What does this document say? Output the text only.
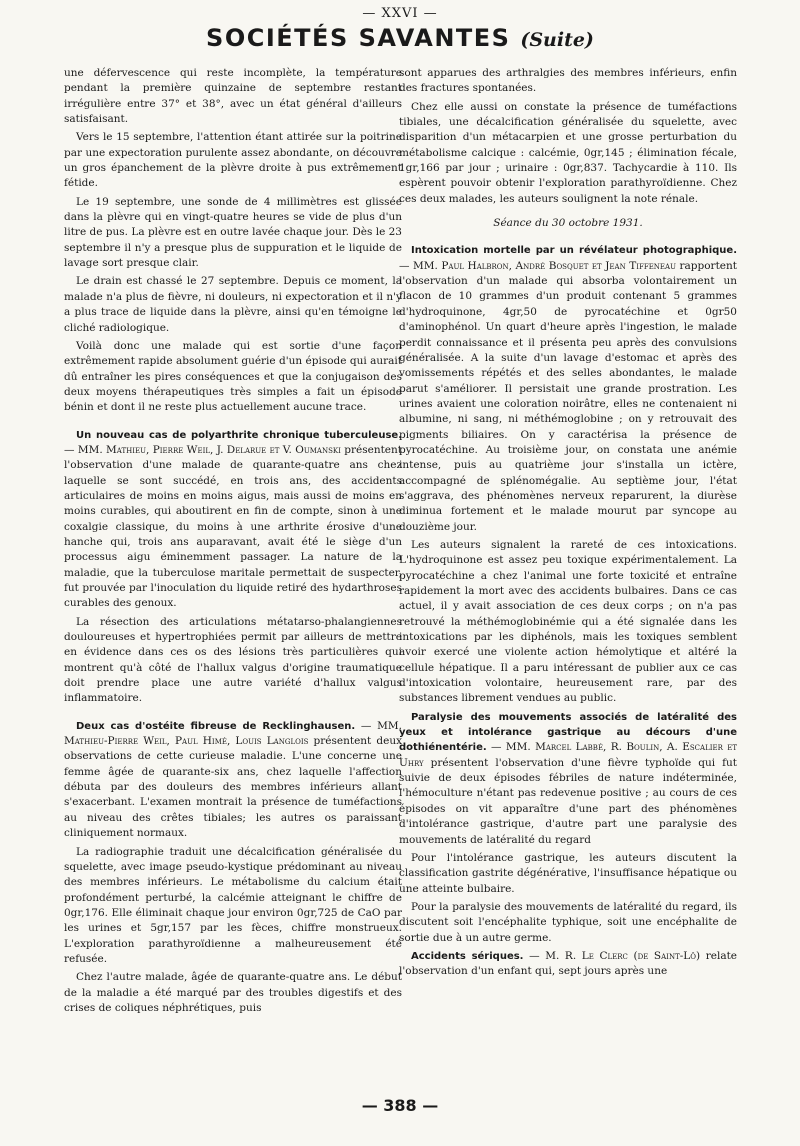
— XXVI —
SOCIÉTÉS SAVANTES (Suite)

une défervescence qui reste incomplète, la température pendant la première quinzaine de septembre restant irrégulière entre 37° et 38°, avec un état général d'ailleurs satisfaisant.

Vers le 15 septembre, l'attention étant attirée sur la poitrine par une expectoration purulente assez abondante, on découvre un gros épanchement de la plèvre droite à pus extrêmement fétide.

Le 19 septembre, une sonde de 4 millimètres est glissée dans la plèvre qui en vingt-quatre heures se vide de plus d'un litre de pus. La plèvre est en outre lavée chaque jour. Dès le 23 septembre il n'y a presque plus de suppuration et le liquide de lavage sort presque clair.

Le drain est chassé le 27 septembre. Depuis ce moment, la malade n'a plus de fièvre, ni douleurs, ni expectoration et il n'y a plus trace de liquide dans la plèvre, ainsi qu'en témoigne le cliché radiologique.

Voilà donc une malade qui est sortie d'une façon extrêmement rapide absolument guérie d'un épisode qui aurait dû entraîner les pires conséquences et que la conjugaison des deux moyens thérapeutiques très simples a fait un épisode bénin et dont il ne reste plus actuellement aucune trace.

Un nouveau cas de polyarthrite chronique tuberculeuse. — MM. Mathieu, Pierre Weil, J. Delarue et V. Oumanski présentent l'observation d'une malade de quarante-quatre ans chez laquelle se sont succédé, en trois ans, des accidents articulaires de moins en moins aigus, mais aussi de moins en moins curables, qui aboutirent en fin de compte, sinon à une coxalgie classique, du moins à une arthrite érosive d'une hanche qui, trois ans auparavant, avait été le siège d'un processus aigu éminemment passager. La nature de la maladie, que la tuberculose maritale permettait de suspecter, fut prouvée par l'inoculation du liquide retiré des hydarthroses curables des genoux.

La résection des articulations métatarso-phalangiennes douloureuses et hypertrophiées permit par ailleurs de mettre en évidence dans ces os des lésions très particulières qui montrent qu'à côté de l'hallux valgus d'origine traumatique doit prendre place une autre variété d'hallux valgus inflammatoire.

Deux cas d'ostéite fibreuse de Recklinghausen. — MM. Mathieu-Pierre Weil, Paul Himé, Louis Langlois présentent deux observations de cette curieuse maladie. L'une concerne une femme âgée de quarante-six ans, chez laquelle l'affection débuta par des douleurs des membres inférieurs allant s'exacerbant. L'examen montrait la présence de tuméfactions au niveau des crêtes tibiales; les autres os paraissant cliniquement normaux.

La radiographie traduit une décalcification généralisée du squelette, avec image pseudo-kystique prédominant au niveau des membres inférieurs. Le métabolisme du calcium était profondément perturbé, la calcémie atteignant le chiffre de 0gr,176. Elle éliminait chaque jour environ 0gr,725 de CaO par les urines et 5gr,157 par les fèces, chiffre monstrueux. L'exploration parathyroïdienne a malheureusement été refusée.

Chez l'autre malade, âgée de quarante-quatre ans. Le début de la maladie a été marqué par des troubles digestifs et des crises de coliques néphrétiques, puis

sont apparues des arthralgies des membres inférieurs, enfin des fractures spontanées.

Chez elle aussi on constate la présence de tuméfactions tibiales, une décalcification généralisée du squelette, avec disparition d'un métacarpien et une grosse perturbation du métabolisme calcique : calcémie, 0gr,145 ; élimination fécale, 1gr,166 par jour ; urinaire : 0gr,837. Tachycardie à 110. Ils espèrent pouvoir obtenir l'exploration parathyroïdienne. Chez ces deux malades, les auteurs soulignent la note rénale.

Séance du 30 octobre 1931.

Intoxication mortelle par un révélateur photographique. — MM. Paul Halbron, André Bosquet et Jean Tiffeneau rapportent l'observation d'un malade qui absorba volontairement un flacon de 10 grammes d'un produit contenant 5 grammes d'hydroquinone, 4gr,50 de pyrocatéchine et 0gr50 d'aminophénol. Un quart d'heure après l'ingestion, le malade perdit connaissance et il présenta peu après des convulsions généralisée. A la suite d'un lavage d'estomac et après des vomissements répétés et des selles abondantes, le malade parut s'améliorer. Il persistait une grande prostration. Les urines avaient une coloration noirâtre, elles ne contenaient ni albumine, ni sang, ni méthémoglobine ; on y retrouvait des pigments biliaires. On y caractérisa la présence de pyrocatéchine. Au troisième jour, on constata une anémie intense, puis au quatrième jour s'installa un ictère, accompagné de splénomégalie. Au septième jour, l'état s'aggrava, des phénomènes nerveux reparurent, la diurèse diminua fortement et le malade mourut par syncope au douzième jour.

Les auteurs signalent la rareté de ces intoxications. L'hydroquinone est assez peu toxique expérimentalement. La pyrocatéchine a chez l'animal une forte toxicité et entraîne rapidement la mort avec des accidents bulbaires. Dans ce cas actuel, il y avait association de ces deux corps ; on n'a pas retrouvé la méthémoglobinémie qui a été signalée dans les intoxications par les diphénols, mais les toxiques semblent avoir exercé une violente action hémolytique et altéré la cellule hépatique. Il a paru intéressant de publier aux ce cas d'intoxication volontaire, heureusement rare, par des substances librement vendues au public.

Paralysie des mouvements associés de latéralité des yeux et intolérance gastrique au décours d'une dothiénentérie. — MM. Marcel Labbé, R. Boulin, A. Escalier et Uhry présentent l'observation d'une fièvre typhoïde qui fut suivie de deux épisodes fébriles de nature indéterminée, l'hémoculture n'étant pas redevenue positive ; au cours de ces épisodes on vit apparaître d'une part des phénomènes d'intolérance gastrique, d'autre part une paralysie des mouvements de latéralité du regard

Pour l'intolérance gastrique, les auteurs discutent la classification gastrite dégénérative, l'insuffisance hépatique ou une atteinte bulbaire.

Pour la paralysie des mouvements de latéralité du regard, ils discutent soit l'encéphalite typhique, soit une encéphalite de sortie due à un autre germe.

Accidents sériques. — M. R. Le Clerc (de Saint-Lô) relate l'observation d'un enfant qui, sept jours après une

— 388 —
